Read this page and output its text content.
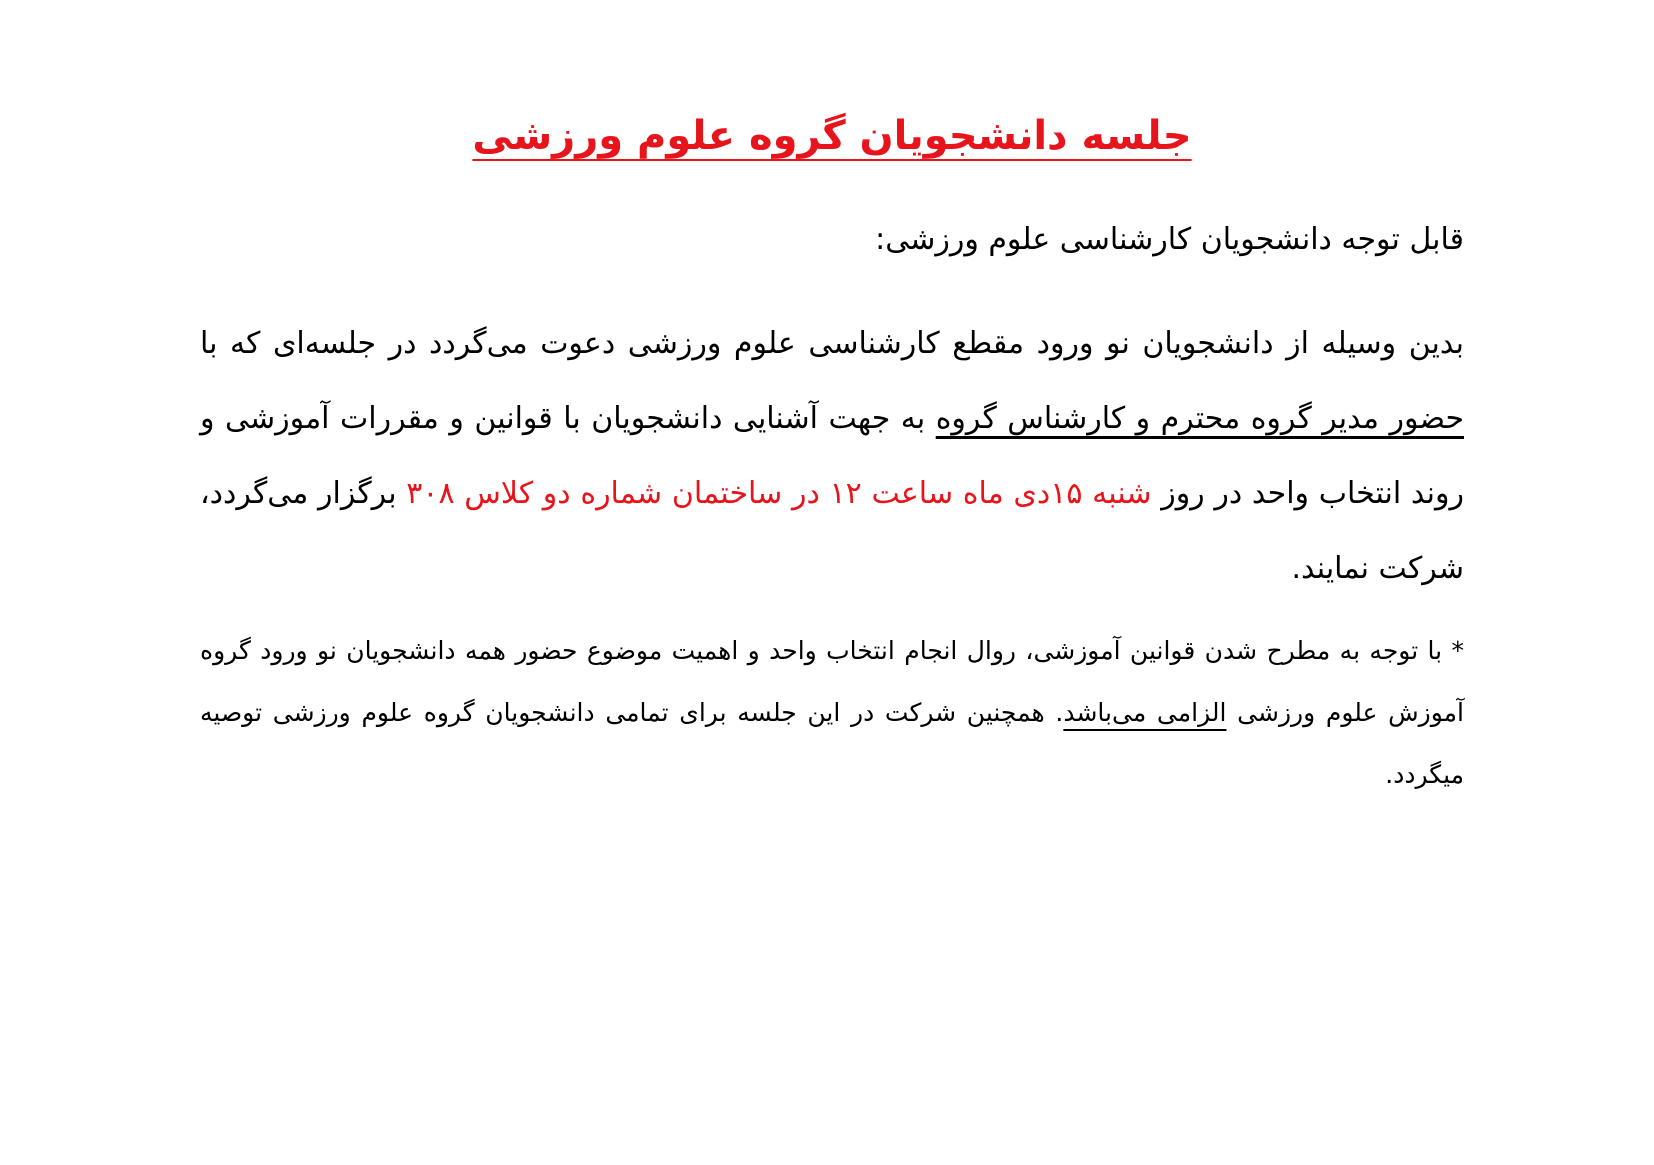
جلسه دانشجویان گروه علوم ورزشی
قابل توجه دانشجویان کارشناسی علوم ورزشی:
بدین وسیله از دانشجویان نو ورود مقطع کارشناسی علوم ورزشی دعوت می‌گردد در جلسه‌ای که با حضور مدیر گروه محترم و کارشناس گروه به جهت آشنایی دانشجویان با قوانین و مقررات آموزشی و روند انتخاب واحد در روز شنبه ۱۵دی ماه ساعت ۱۲ در ساختمان شماره دو کلاس ۳۰۸ برگزار می‌گردد، شرکت نمایند.
* با توجه به مطرح شدن قوانین آموزشی، روال انجام انتخاب واحد و اهمیت موضوع حضور همه دانشجویان نو ورود گروه آموزش علوم ورزشی الزامی می‌باشد. همچنین شرکت در این جلسه برای تمامی دانشجویان گروه علوم ورزشی توصیه میگردد.
